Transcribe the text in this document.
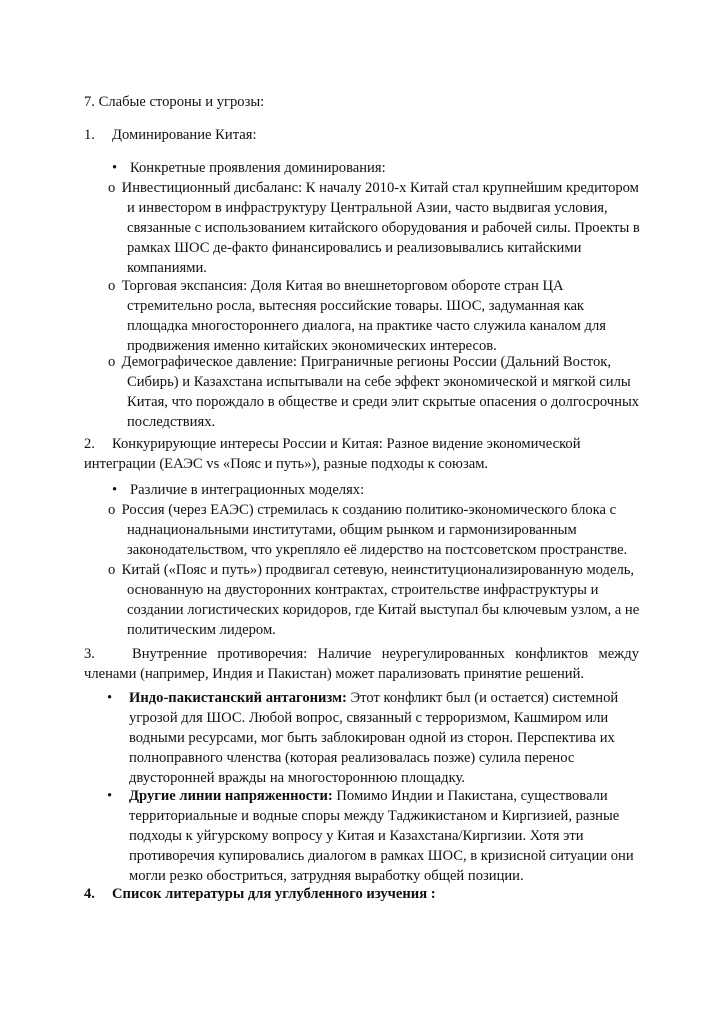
7. Слабые стороны и угрозы:

1. Доминирование Китая:

• Конкретные проявления доминирования:

o Инвестиционный дисбаланс: К началу 2010-х Китай стал крупнейшим кредитором и инвестором в инфраструктуру Центральной Азии, часто выдвигая условия, связанные с использованием китайского оборудования и рабочей силы. Проекты в рамках ШОС де-факто финансировались и реализовывались китайскими компаниями.

o Торговая экспансия: Доля Китая во внешнеторговом обороте стран ЦА стремительно росла, вытесняя российские товары. ШОС, задуманная как площадка многостороннего диалога, на практике часто служила каналом для продвижения именно китайских экономических интересов.

o Демографическое давление: Приграничные регионы России (Дальний Восток, Сибирь) и Казахстана испытывали на себе эффект экономической и мягкой силы Китая, что порождало в обществе и среди элит скрытые опасения о долгосрочных последствиях.

2. Конкурирующие интересы России и Китая: Разное видение экономической интеграции (ЕАЭС vs «Пояс и путь»), разные подходы к союзам.

• Различие в интеграционных моделях:

o Россия (через ЕАЭС) стремилась к созданию политико-экономического блока с наднациональными институтами, общим рынком и гармонизированным законодательством, что укрепляло её лидерство на постсоветском пространстве.

o Китай («Пояс и путь») продвигал сетевую, неинституционализированную модель, основанную на двусторонних контрактах, строительстве инфраструктуры и создании логистических коридоров, где Китай выступал бы ключевым узлом, а не политическим лидером.

3.	Внутренние противоречия: Наличие неурегулированных конфликтов между членами (например, Индия и Пакистан) может парализовать принятие решений.

•	Индо-пакистанский антагонизм: Этот конфликт был (и остается) системной угрозой для ШОС. Любой вопрос, связанный с терроризмом, Кашмиром или водными ресурсами, мог быть заблокирован одной из сторон. Перспектива их полноправного членства (которая реализовалась позже) сулила перенос двусторонней вражды на многостороннюю площадку.
•	Другие линии напряженности: Помимо Индии и Пакистана, существовали территориальные и водные споры между Таджикистаном и Киргизией, разные подходы к уйгурскому вопросу у Китая и Казахстана/Киргизии. Хотя эти противоречия купировались диалогом в рамках ШОС, в кризисной ситуации они могли резко обостриться, затрудняя выработку общей позиции.

4. Список литературы для углубленного изучения :
